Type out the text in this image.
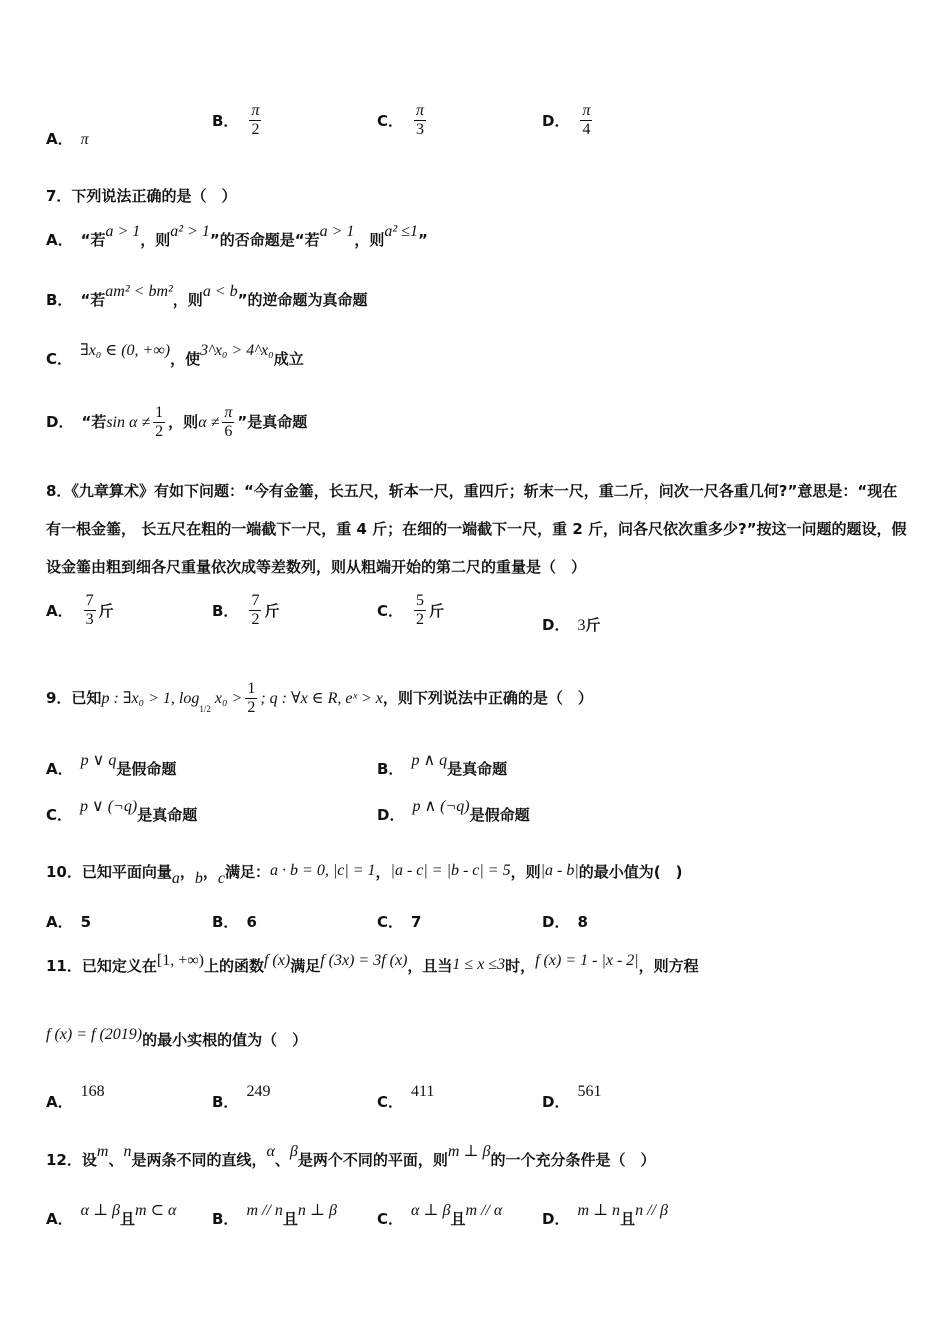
A． π
B． $\frac{\pi}{2}$	C． $\frac{\pi}{3}$	D． $\frac{\pi}{4}$
7．下列说法正确的是（　）
A． “若a > 1，则a² > 1”的否命题是“若a > 1，则a² ≤1”
B． “若am² < bm²，则a < b”的逆命题为真命题
C． ∃x₀ ∈ (0, +∞)，使3^x₀ > 4^x₀成立
D． “若$\sin \alpha \ne \frac{1}{2}$ ，则$\alpha \ne \frac{\pi}{6}$ ”是真命题
8．《九章算术》有如下问题：“今有金箠，长五尺，斩本一尺，重四斤；斩末一尺，重二斤，问次一尺各重几何?”意思是：“现在有一根金箠， 长五尺在粗的一端截下一尺，重 4 斤；在细的一端截下一尺，重 2 斤，问各尺依次重多少?”按这一问题的题设，假设金箠由粗到细各尺重量依次成等差数列，则从粗端开始的第二尺的重量是（　）
A． $\frac{7}{3}$ 斤	B． $\frac{7}{2}$ 斤	C． $\frac{5}{2}$ 斤
D． 3斤
9．已知p : ∃x₀ > 1, $\log_{1/2} x_0 > \frac{1}{2}$ ; q : ∀x ∈ R, eˣ > x，则下列说法中正确的是（　）
A． p ∨ q是假命题	B． p ∧ q是真命题
C． p ∨ (¬q)是真命题	D． p ∧ (¬q)是假命题
10．已知平面向量a，b，c满足：a · b = 0, |c| = 1，|a - c| = |b - c| = 5，则|a - b|的最小值为(　)
A． 5	B． 6	C． 7	D． 8
11．已知定义在[1, +∞)上的函数f (x)满足f (3x) = 3f (x)，且当1 ≤ x ≤3时，f (x) = 1 - |x - 2|，则方程
f (x) = f (2019)的最小实根的值为（　）
A．168
B．249
C．411
D．561
12．设m、n是两条不同的直线，α、β是两个不同的平面，则m ⊥ β的一个充分条件是（　）
A． α ⊥ β且m ⊂ α B． m // n且n ⊥ β	C． α ⊥ β且m // α	D． m ⊥ n且n // β
